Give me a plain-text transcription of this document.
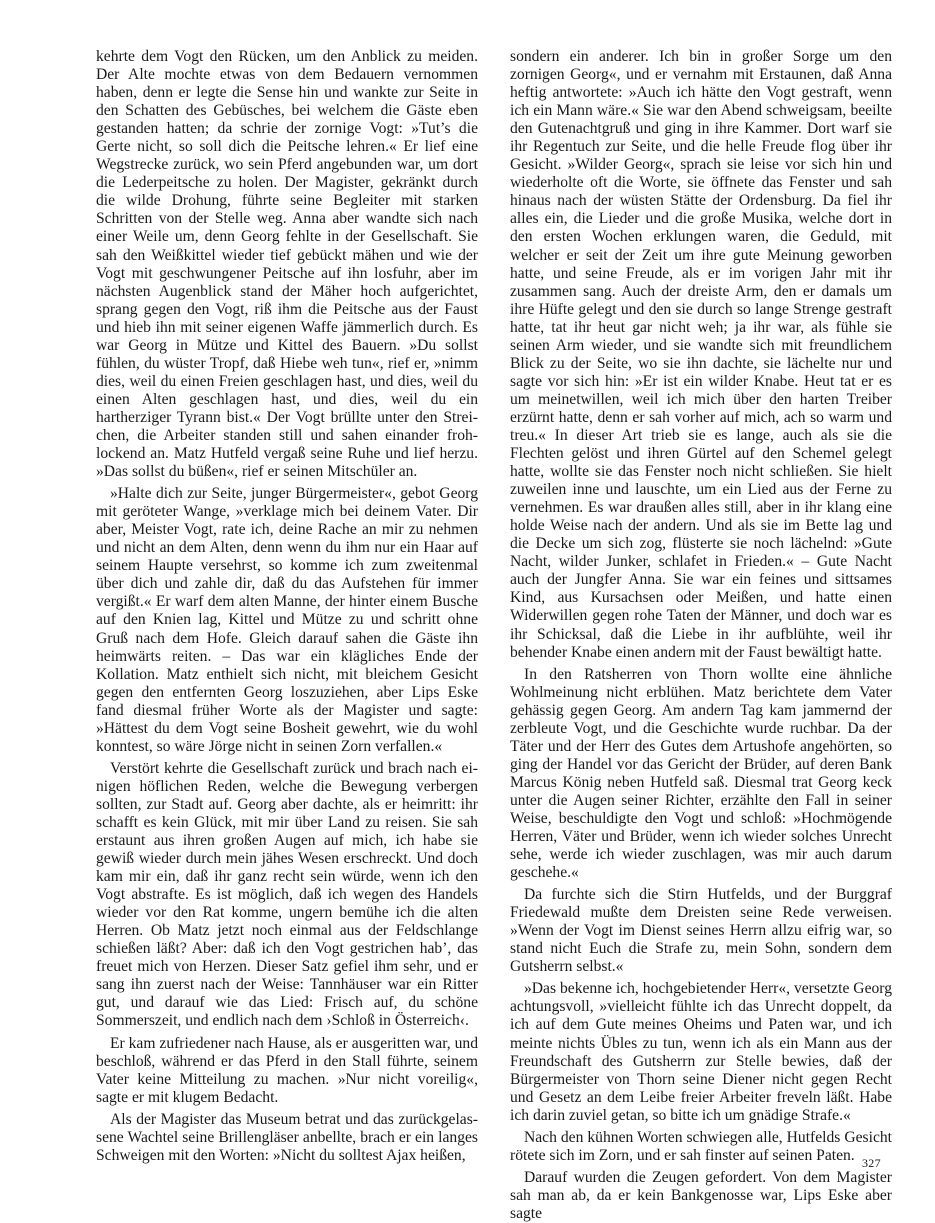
kehrte dem Vogt den Rücken, um den Anblick zu meiden. Der Alte mochte etwas von dem Bedauern vernommen haben, denn er legte die Sense hin und wankte zur Seite in den Schatten des Gebüsches, bei welchem die Gäste eben gestanden hatten; da schrie der zornige Vogt: »Tut’s die Gerte nicht, so soll dich die Peitsche lehren.« Er lief eine Wegstrecke zurück, wo sein Pferd angebunden war, um dort die Lederpeitsche zu holen. Der Magister, gekränkt durch die wilde Drohung, führte seine Begleiter mit starken Schritten von der Stelle weg. Anna aber wandte sich nach einer Weile um, denn Georg fehlte in der Gesellschaft. Sie sah den Weißkittel wieder tief gebückt mähen und wie der Vogt mit geschwungener Peitsche auf ihn losfuhr, aber im nächsten Augenblick stand der Mäher hoch aufgerichtet, sprang gegen den Vogt, riß ihm die Peitsche aus der Faust und hieb ihn mit seiner eigenen Waffe jämmerlich durch. Es war Georg in Mütze und Kittel des Bauern. »Du sollst fühlen, du wüster Tropf, daß Hiebe weh tun«, rief er, »nimm dies, weil du einen Freien geschlagen hast, und dies, weil du einen Alten geschlagen hast, und dies, weil du ein hartherziger Tyrann bist.« Der Vogt brüllte unter den Streichen, die Arbeiter standen still und sahen einander frohlockend an. Matz Hutfeld vergaß seine Ruhe und lief herzu. »Das sollst du büßen«, rief er seinen Mitschüler an.

»Halte dich zur Seite, junger Bürgermeister«, gebot Georg mit geröteter Wange, »verklage mich bei deinem Vater. Dir aber, Meister Vogt, rate ich, deine Rache an mir zu nehmen und nicht an dem Alten, denn wenn du ihm nur ein Haar auf seinem Haupte versehrst, so komme ich zum zweitenmal über dich und zahle dir, daß du das Aufstehen für immer vergißt.« Er warf dem alten Manne, der hinter einem Busche auf den Knien lag, Kittel und Mütze zu und schritt ohne Gruß nach dem Hofe. Gleich darauf sahen die Gäste ihn heimwärts reiten. – Das war ein klägliches Ende der Kollation. Matz enthielt sich nicht, mit bleichem Gesicht gegen den entfernten Georg loszuziehen, aber Lips Eske fand diesmal früher Worte als der Magister und sagte: »Hättest du dem Vogt seine Bosheit gewehrt, wie du wohl konntest, so wäre Jörge nicht in seinen Zorn verfallen.«

Verstört kehrte die Gesellschaft zurück und brach nach einigen höflichen Reden, welche die Bewegung verbergen sollten, zur Stadt auf. Georg aber dachte, als er heimritt: ihr schafft es kein Glück, mit mir über Land zu reisen. Sie sah erstaunt aus ihren großen Augen auf mich, ich habe sie gewiß wieder durch mein jähes Wesen erschreckt. Und doch kam mir ein, daß ihr ganz recht sein würde, wenn ich den Vogt abstrafte. Es ist möglich, daß ich wegen des Handels wieder vor den Rat komme, ungern bemühe ich die alten Herren. Ob Matz jetzt noch einmal aus der Feldschlange schießen läßt? Aber: daß ich den Vogt gestrichen hab’, das freuet mich von Herzen. Dieser Satz gefiel ihm sehr, und er sang ihn zuerst nach der Weise: Tannhäuser war ein Ritter gut, und darauf wie das Lied: Frisch auf, du schöne Sommerszeit, und endlich nach dem ›Schloß in Österreich‹.

Er kam zufriedener nach Hause, als er ausgeritten war, und beschloß, während er das Pferd in den Stall führte, seinem Vater keine Mitteilung zu machen. »Nur nicht voreilig«, sagte er mit klugem Bedacht.

Als der Magister das Museum betrat und das zurückgelassene Wachtel seine Brillengläser anbellte, brach er ein langes Schweigen mit den Worten: »Nicht du solltest Ajax heißen,

sondern ein anderer. Ich bin in großer Sorge um den zornigen Georg«, und er vernahm mit Erstaunen, daß Anna heftig antwortete: »Auch ich hätte den Vogt gestraft, wenn ich ein Mann wäre.« Sie war den Abend schweigsam, beeilte den Gutenachtgruß und ging in ihre Kammer. Dort warf sie ihr Regentuch zur Seite, und die helle Freude flog über ihr Gesicht. »Wilder Georg«, sprach sie leise vor sich hin und wiederholte oft die Worte, sie öffnete das Fenster und sah hinaus nach der wüsten Stätte der Ordensburg. Da fiel ihr alles ein, die Lieder und die große Musika, welche dort in den ersten Wochen erklungen waren, die Geduld, mit welcher er seit der Zeit um ihre gute Meinung geworben hatte, und seine Freude, als er im vorigen Jahr mit ihr zusammen sang. Auch der dreiste Arm, den er damals um ihre Hüfte gelegt und den sie durch so lange Strenge gestraft hatte, tat ihr heut gar nicht weh; ja ihr war, als fühle sie seinen Arm wieder, und sie wandte sich mit freundlichem Blick zu der Seite, wo sie ihn dachte, sie lächelte nur und sagte vor sich hin: »Er ist ein wilder Knabe. Heut tat er es um meinetwillen, weil ich mich über den harten Treiber erzürnt hatte, denn er sah vorher auf mich, ach so warm und treu.« In dieser Art trieb sie es lange, auch als sie die Flechten gelöst und ihren Gürtel auf den Schemel gelegt hatte, wollte sie das Fenster noch nicht schließen. Sie hielt zuweilen inne und lauschte, um ein Lied aus der Ferne zu vernehmen. Es war draußen alles still, aber in ihr klang eine holde Weise nach der andern. Und als sie im Bette lag und die Decke um sich zog, flüsterte sie noch lächelnd: »Gute Nacht, wilder Junker, schlafet in Frieden.« – Gute Nacht auch der Jungfer Anna. Sie war ein feines und sittsames Kind, aus Kursachsen oder Meißen, und hatte einen Widerwillen gegen rohe Taten der Männer, und doch war es ihr Schicksal, daß die Liebe in ihr aufblühte, weil ihr behender Knabe einen andern mit der Faust bewältigt hatte.

In den Ratsherren von Thorn wollte eine ähnliche Wohlmeinung nicht erblühen. Matz berichtete dem Vater gehässig gegen Georg. Am andern Tag kam jammernd der zerbleute Vogt, und die Geschichte wurde ruchbar. Da der Täter und der Herr des Gutes dem Artushofe angehörten, so ging der Handel vor das Gericht der Brüder, auf deren Bank Marcus König neben Hutfeld saß. Diesmal trat Georg keck unter die Augen seiner Richter, erzählte den Fall in seiner Weise, beschuldigte den Vogt und schloß: »Hochmögende Herren, Väter und Brüder, wenn ich wieder solches Unrecht sehe, werde ich wieder zuschlagen, was mir auch darum geschehe.«

Da furchte sich die Stirn Hutfelds, und der Burggraf Friedewald mußte dem Dreisten seine Rede verweisen. »Wenn der Vogt im Dienst seines Herrn allzu eifrig war, so stand nicht Euch die Strafe zu, mein Sohn, sondern dem Gutsherrn selbst.«

»Das bekenne ich, hochgebietender Herr«, versetzte Georg achtungsvoll, »vielleicht fühlte ich das Unrecht doppelt, da ich auf dem Gute meines Oheims und Paten war, und ich meinte nichts Übles zu tun, wenn ich als ein Mann aus der Freundschaft des Gutsherrn zur Stelle bewies, daß der Bürgermeister von Thorn seine Diener nicht gegen Recht und Gesetz an dem Leibe freier Arbeiter freveln läßt. Habe ich darin zuviel getan, so bitte ich um gnädige Strafe.«

Nach den kühnen Worten schwiegen alle, Hutfelds Gesicht rötete sich im Zorn, und er sah finster auf seinen Paten.

Darauf wurden die Zeugen gefordert. Von dem Magister sah man ab, da er kein Bankgenosse war, Lips Eske aber sagte

327
